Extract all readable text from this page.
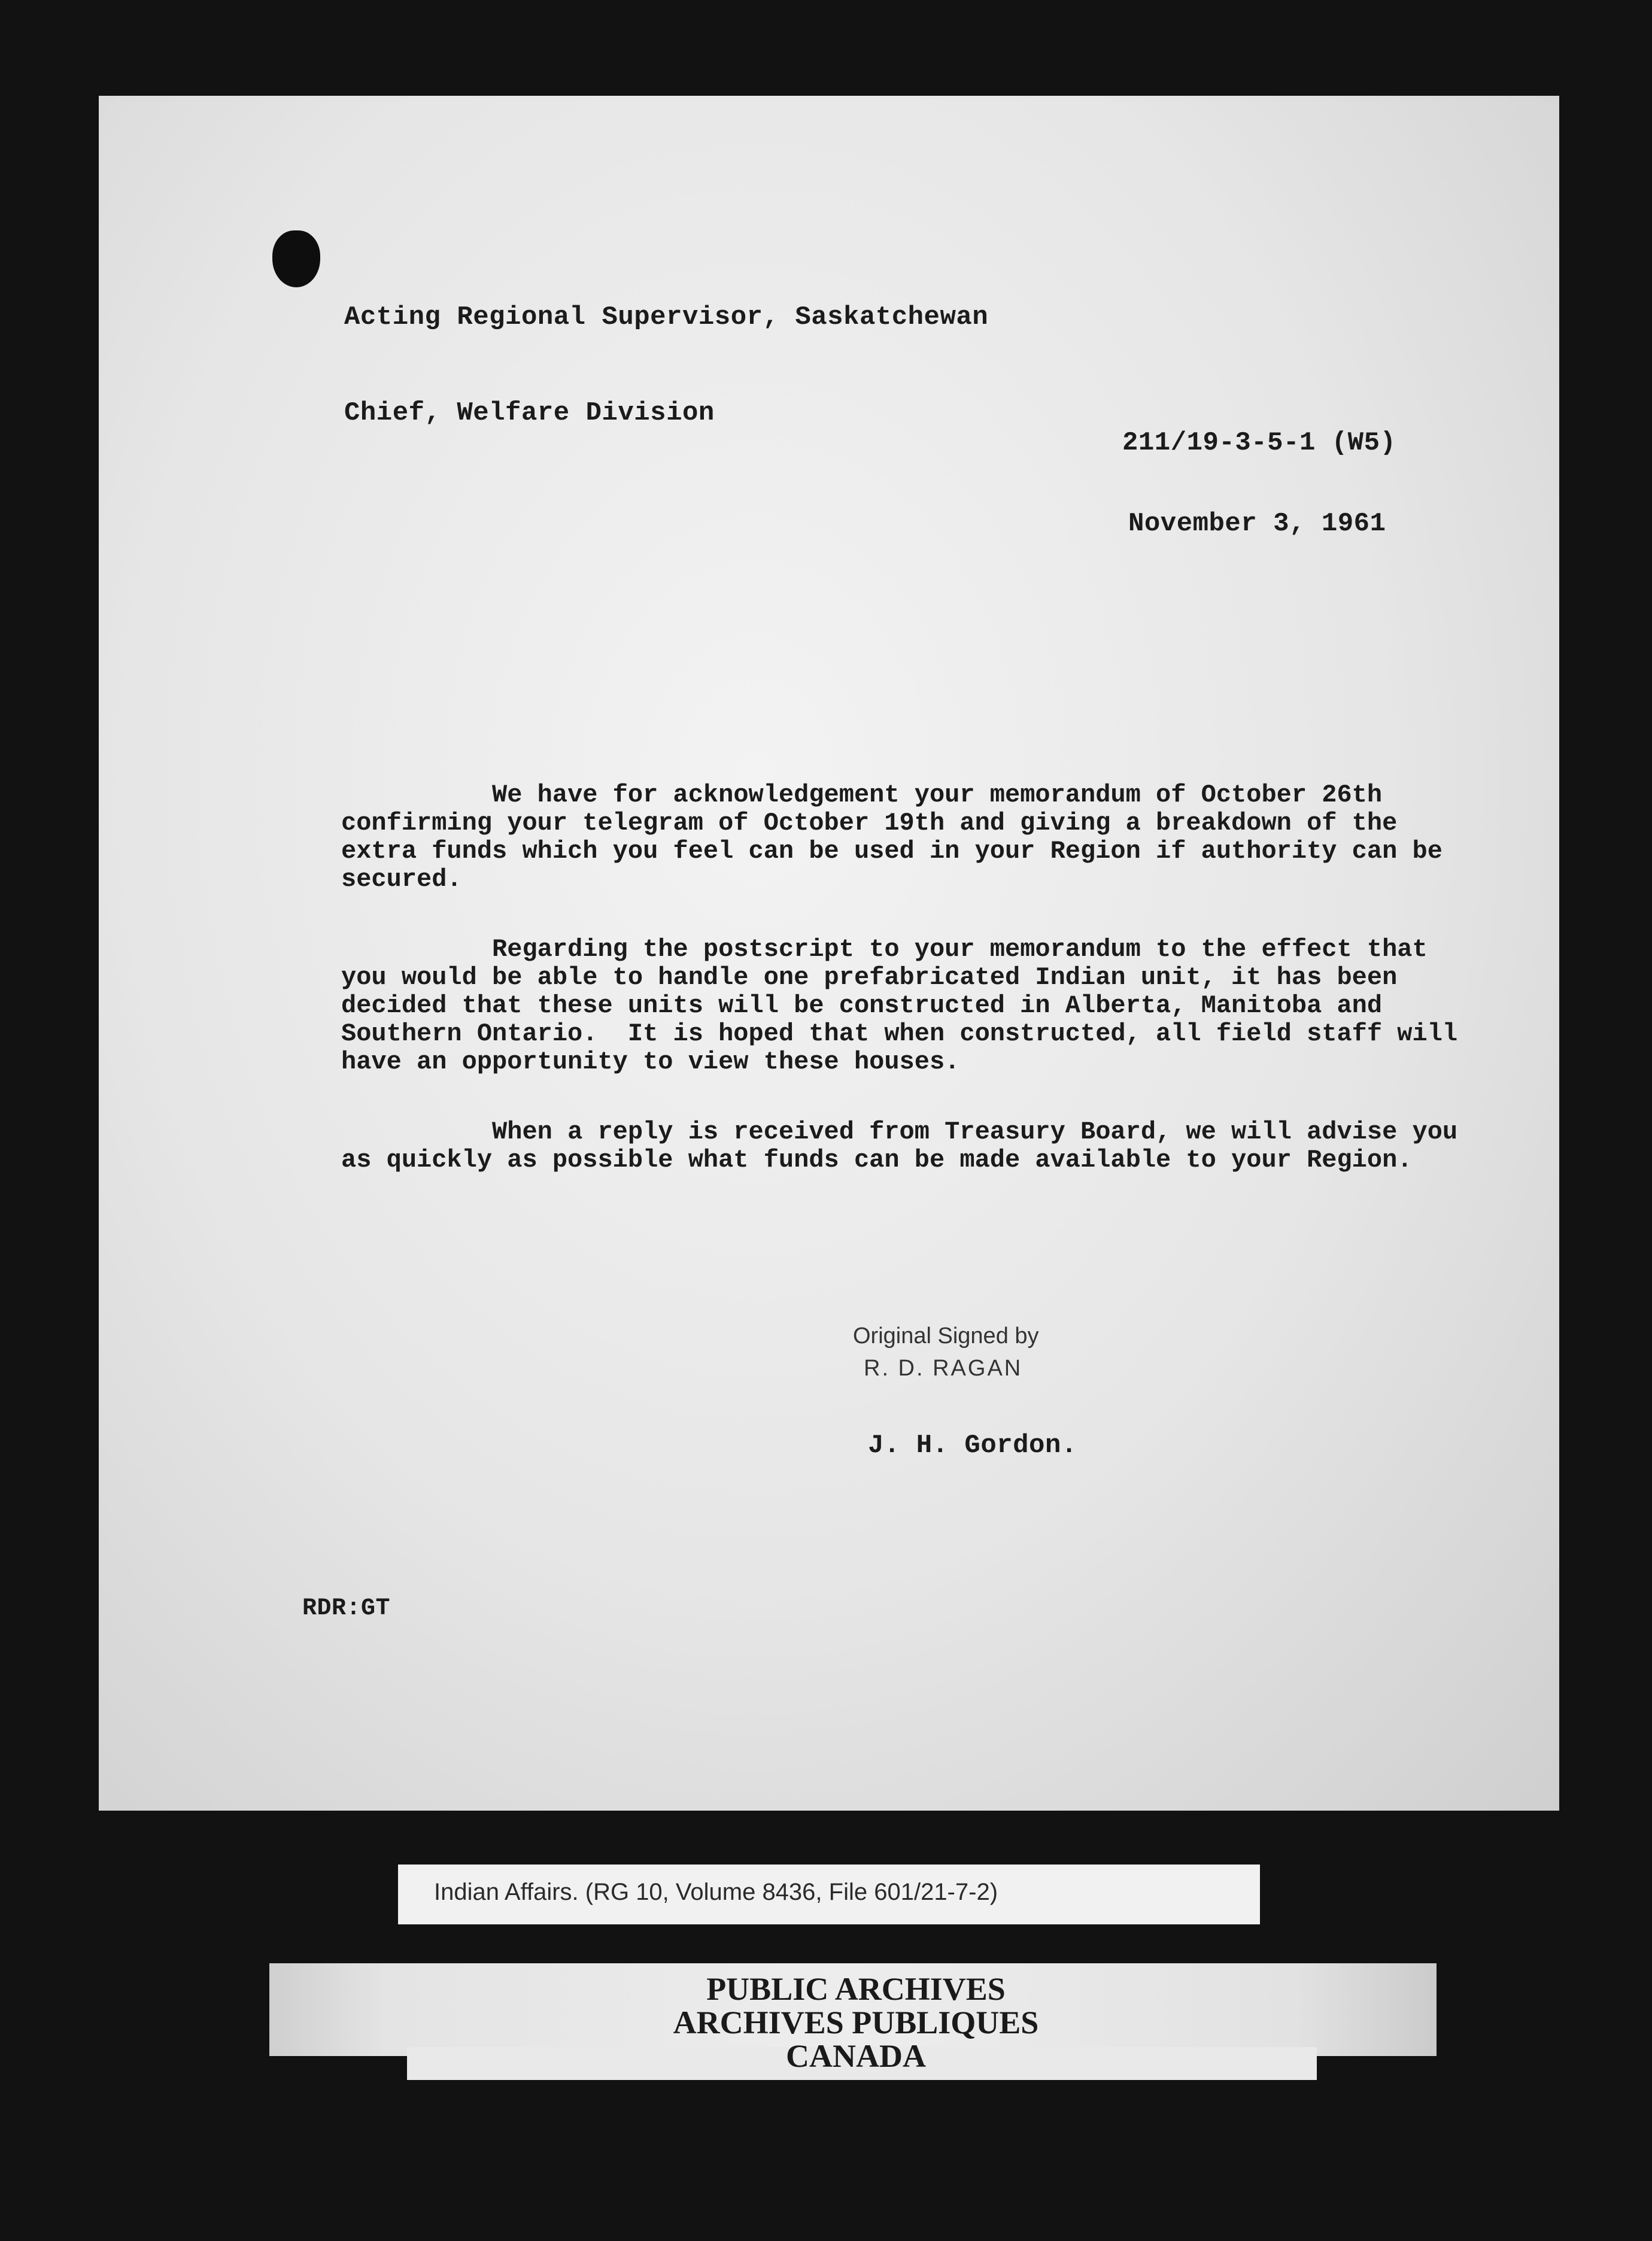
Acting Regional Supervisor, Saskatchewan
Chief, Welfare Division
211/19-3-5-1 (W5)
November 3, 1961

We have for acknowledgement your memorandum of October 26th confirming your telegram of October 19th and giving a breakdown of the extra funds which you feel can be used in your Region if authority can be secured.

Regarding the postscript to your memorandum to the effect that you would be able to handle one prefabricated Indian unit, it has been decided that these units will be constructed in Alberta, Manitoba and Southern Ontario.  It is hoped that when constructed, all field staff will have an opportunity to view these houses.

When a reply is received from Treasury Board, we will advise you as quickly as possible what funds can be made available to your Region.

Original Signed by
R. D. RAGAN
J. H. Gordon.
RDR:GT
Indian Affairs. (RG 10, Volume 8436, File 601/21-7-2)
PUBLIC ARCHIVES
ARCHIVES PUBLIQUES
CANADA
